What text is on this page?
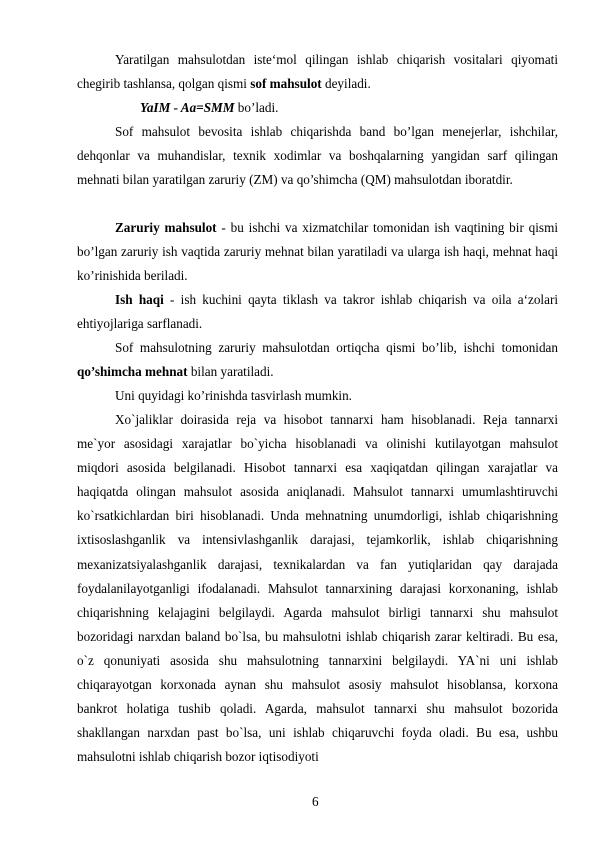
Yaratilgan mahsulotdan iste‘mol qilingan ishlab chiqarish vositalari qiyomati chegirib tashlansa, qolgan qismi sof mahsulot deyiladi.

YaIM - Aa=SMM bo’ladi.

Sof mahsulot bevosita ishlab chiqarishda band bo’lgan menejerlar, ishchilar, dehqonlar va muhandislar, texnik xodimlar va boshqalarning yangidan sarf qilingan mehnati bilan yaratilgan zaruriy (ZM) va qo’shimcha (QM) mahsulotdan iboratdir.

Zaruriy mahsulot - bu ishchi va xizmatchilar tomonidan ish vaqtining bir qismi bo’lgan zaruriy ish vaqtida zaruriy mehnat bilan yaratiladi va ularga ish haqi, mehnat haqi ko’rinishida beriladi.

Ish haqi - ish kuchini qayta tiklash va takror ishlab chiqarish va oila a‘zolari ehtiyojlariga sarflanadi.

Sof mahsulotning zaruriy mahsulotdan ortiqcha qismi bo’lib, ishchi tomonidan qo’shimcha mehnat bilan yaratiladi.

Uni quyidagi ko’rinishda tasvirlash mumkin.

Xo`jaliklar doirasida reja va hisobot tannarxi ham hisoblanadi. Reja tannarxi me`yor asosidagi xarajatlar bo`yicha hisoblanadi va olinishi kutilayotgan mahsulot miqdori asosida belgilanadi. Hisobot tannarxi esa xaqiqatdan qilingan xarajatlar va haqiqatda olingan mahsulot asosida aniqlanadi. Mahsulot tannarxi umumlashtiruvchi ko`rsatkichlardan biri hisoblanadi. Unda mehnatning unumdorligi, ishlab chiqarishning ixtisoslashganlik va intensivlashganlik darajasi, tejamkorlik, ishlab chiqarishning mexanizatsiyalashganlik darajasi, texnikalardan va fan yutiqlaridan qay darajada foydalanilayotganligi ifodalanadi. Mahsulot tannarxining darajasi korxonaning, ishlab chiqarishning kelajagini belgilaydi. Agarda mahsulot birligi tannarxi shu mahsulot bozoridagi narxdan baland bo`lsa, bu mahsulotni ishlab chiqarish zarar keltiradi. Bu esa, o`z qonuniyati asosida shu mahsulotning tannarxini belgilaydi. YA`ni uni ishlab chiqarayotgan korxonada aynan shu mahsulot asosiy mahsulot hisoblansa, korxona bankrot holatiga tushib qoladi. Agarda, mahsulot tannarxi shu mahsulot bozorida shakllangan narxdan past bo`lsa, uni ishlab chiqaruvchi foyda oladi. Bu esa, ushbu mahsulotni ishlab chiqarish bozor iqtisodiyoti

6
